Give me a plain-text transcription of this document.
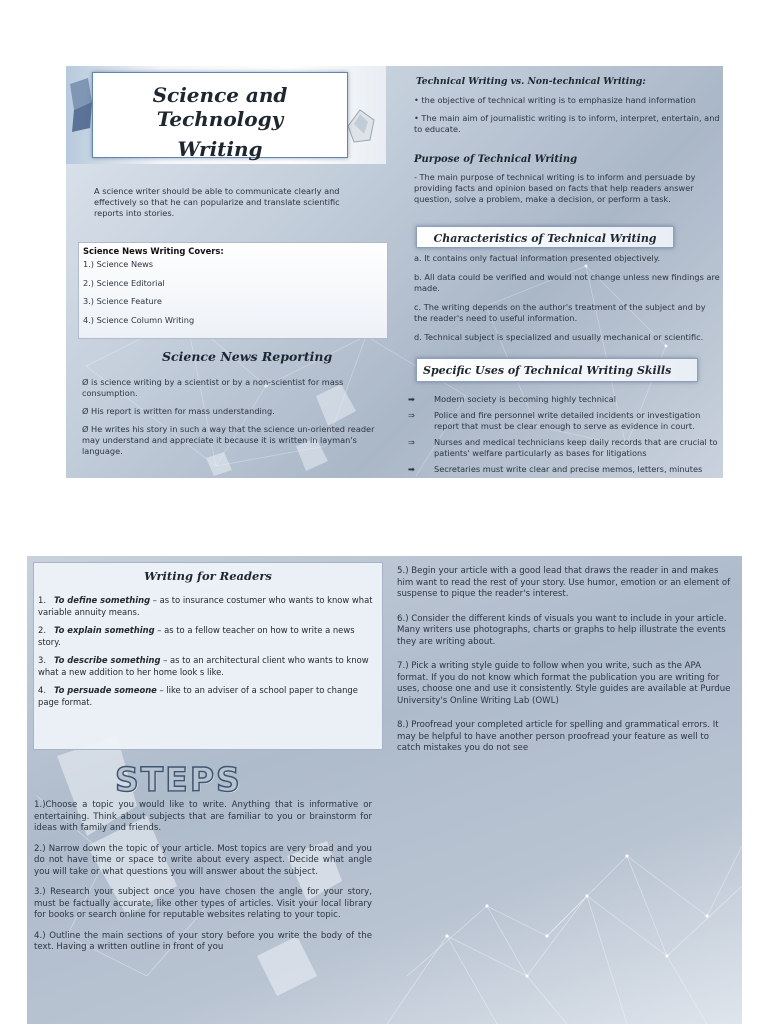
Science and Technology
Writing
A science writer should be able to communicate clearly and effectively so that he can popularize and translate scientific reports into stories.
Science News Writing Covers:
1.) Science News
2.) Science Editorial
3.) Science Feature
4.) Science Column Writing
Science News Reporting

Ø is science writing by a scientist or by a non-scientist for mass consumption.

Ø His report is written for mass understanding.

Ø He writes his story in such a way that the science un-oriented reader may understand and appreciate it because it is written in layman's language.

Technical Writing vs. Non-technical Writing:

• the objective of technical writing is to emphasize hand information

• The main aim of journalistic writing is to inform, interpret, entertain, and to educate.

Purpose of Technical Writing
- The main purpose of technical writing is to inform and persuade by providing facts and opinion based on facts that help readers answer question, solve a problem, make a decision, or perform a task.
Characteristics of Technical Writing

a. It contains only factual information presented objectively.

b. All data could be verified and would not change unless new findings are made.

c. The writing depends on the author's treatment of the subject and by the reader's need to useful information.

d. Technical subject is specialized and usually mechanical or scientific.

Specific Uses of Technical Writing Skills
➡	Modern society is becoming highly technical
⇒	Police and fire personnel write detailed incidents or investigation report that must be clear enough to serve as evidence in court.
⇒	Nurses and medical technicians keep daily records that are crucial to patients' welfare particularly as bases for litigations
➡	Secretaries must write clear and precise memos, letters, minutes
Writing for Readers

1. To define something – as to insurance costumer who wants to know what variable annuity means.

2. To explain something – as to a fellow teacher on how to write a news story.

3. To describe something – as to an architectural client who wants to know what a new addition to her home look s like.

4. To persuade someone – like to an adviser of a school paper to change page format.

STEPS

1.)Choose a topic you would like to write. Anything that is informative or entertaining. Think about subjects that are familiar to you or brainstorm for ideas with family and friends.

2.) Narrow down the topic of your article. Most topics are very broad and you do not have time or space to write about every aspect. Decide what angle you will take or what questions you will answer about the subject.

3.) Research your subject once you have chosen the angle for your story, must be factually accurate, like other types of articles. Visit your local library for books or search online for reputable websites relating to your topic.

4.) Outline the main sections of your story before you write the body of the text. Having a written outline in front of you

5.) Begin your article with a good lead that draws the reader in and makes him want to read the rest of your story. Use humor, emotion or an element of suspense to pique the reader's interest.

6.) Consider the different kinds of visuals you want to include in your article. Many writers use photographs, charts or graphs to help illustrate the events they are writing about.

7.) Pick a writing style guide to follow when you write, such as the APA format. If you do not know which format the publication you are writing for uses, choose one and use it consistently. Style guides are available at Purdue University's Online Writing Lab (OWL)

8.) Proofread your completed article for spelling and grammatical errors. It may be helpful to have another person proofread your feature as well to catch mistakes you do not see
